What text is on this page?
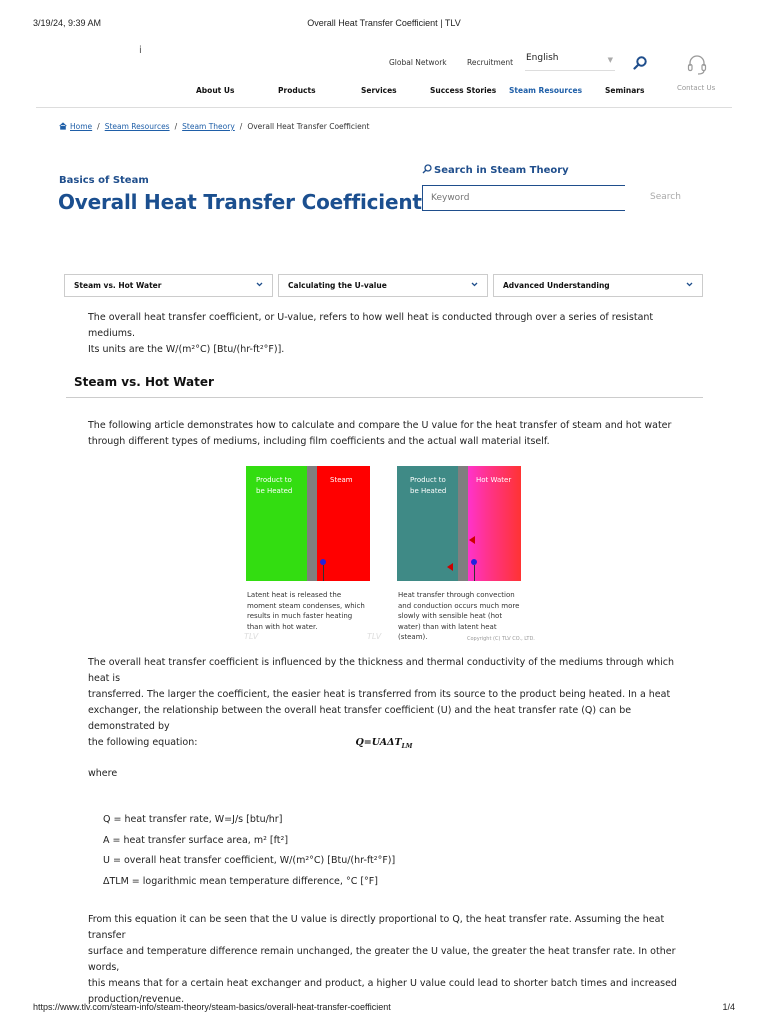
3/19/24, 9:39 AM	Overall Heat Transfer Coefficient | TLV
i
Global Network	Recruitment English	▼
Contact Us
About Us	Products	Services	Success Stories Steam Resources	Seminars
Home / Steam Resources / Steam Theory / Overall Heat Transfer Coefficient
Basics of Steam
Overall Heat Transfer Coefficient
Search in Steam Theory
Keyword
Search
Steam vs. Hot Water	Calculating the U-value	Advanced Understanding
The overall heat transfer coefficient, or U-value, refers to how well heat is conducted through over a series of resistant mediums.
Its units are the W/(m²°C) [Btu/(hr-ft²°F)].
Steam vs. Hot Water
The following article demonstrates how to calculate and compare the U value for the heat transfer of steam and hot water
through different types of mediums, including film coefficients and the actual wall material itself.
Product to
be Heated
Steam
Latent heat is released the
moment steam condenses, which
results in much faster heating
than with hot water.
Product to
be Heated
Hot Water
Heat transfer through convection
and conduction occurs much more
slowly with sensible heat (hot
water) than with latent heat
(steam).
TLV	TLV	Copyright (C) TLV CO., LTD.
The overall heat transfer coefficient is influenced by the thickness and thermal conductivity of the mediums through which heat is
transferred. The larger the coefficient, the easier heat is transferred from its source to the product being heated. In a heat
exchanger, the relationship between the overall heat transfer coefficient (U) and the heat transfer rate (Q) can be demonstrated by
the following equation:	$Q=UA\Delta T_{LM}$
where
Q = heat transfer rate, W=J/s [btu/hr]
A = heat transfer surface area, m² [ft²]
U = overall heat transfer coefficient, W/(m²°C) [Btu/(hr-ft²°F)]
ΔTLM = logarithmic mean temperature difference, °C [°F]
From this equation it can be seen that the U value is directly proportional to Q, the heat transfer rate. Assuming the heat transfer
surface and temperature difference remain unchanged, the greater the U value, the greater the heat transfer rate. In other words,
this means that for a certain heat exchanger and product, a higher U value could lead to shorter batch times and increased
production/revenue.
https://www.tlv.com/steam-info/steam-theory/steam-basics/overall-heat-transfer-coefficient	1/4
